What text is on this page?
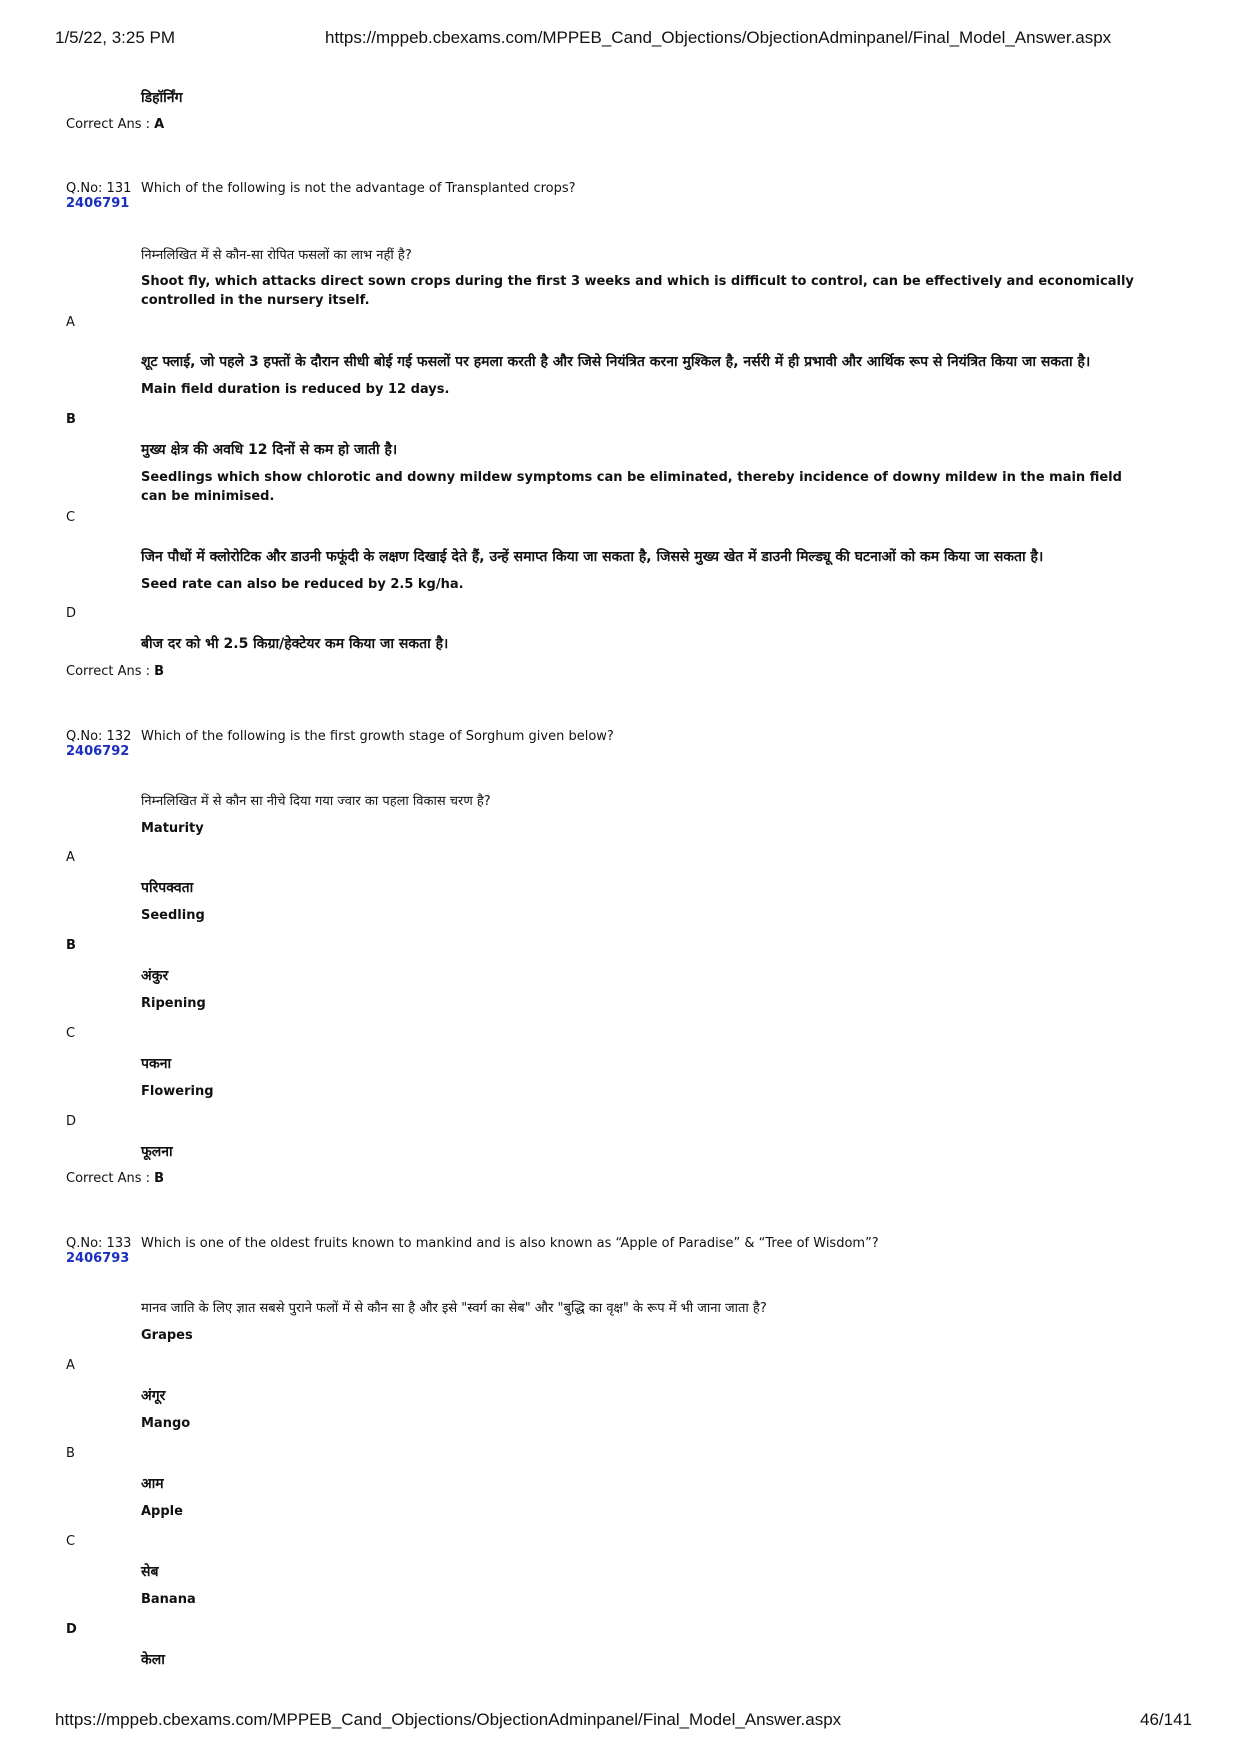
1/5/22, 3:25 PM	https://mppeb.cbexams.com/MPPEB_Cand_Objections/ObjectionAdminpanel/Final_Model_Answer.aspx
डिहॉर्निंग
Correct Ans : A
Q.No: 131
2406791
Which of the following is not the advantage of Transplanted crops?
निम्नलिखित में से कौन-सा रोपित फसलों का लाभ नहीं है?
Shoot fly, which attacks direct sown crops during the first 3 weeks and which is difficult to control, can be effectively and economically controlled in the nursery itself.
A
शूट फ्लाई, जो पहले 3 हफ्तों के दौरान सीधी बोई गई फसलों पर हमला करती है और जिसे नियंत्रित करना मुश्किल है, नर्सरी में ही प्रभावी और आर्थिक रूप से नियंत्रित किया जा सकता है।
Main field duration is reduced by 12 days.
B
मुख्य क्षेत्र की अवधि 12 दिनों से कम हो जाती है।
Seedlings which show chlorotic and downy mildew symptoms can be eliminated, thereby incidence of downy mildew in the main field can be minimised.
C
जिन पौधों में क्लोरोटिक और डाउनी फफूंदी के लक्षण दिखाई देते हैं, उन्हें समाप्त किया जा सकता है, जिससे मुख्य खेत में डाउनी मिल्ड्यू की घटनाओं को कम किया जा सकता है।
Seed rate can also be reduced by 2.5 kg/ha.
D
बीज दर को भी 2.5 किग्रा/हेक्टेयर कम किया जा सकता है।
Correct Ans : B
Q.No: 132
2406792
Which of the following is the first growth stage of Sorghum given below?
निम्नलिखित में से कौन सा नीचे दिया गया ज्वार का पहला विकास चरण है?
Maturity
A
परिपक्वता
Seedling
B
अंकुर
Ripening
C
पकना
Flowering
D
फूलना
Correct Ans : B
Q.No: 133
2406793
Which is one of the oldest fruits known to mankind and is also known as “Apple of Paradise” & “Tree of Wisdom”?
मानव जाति के लिए ज्ञात सबसे पुराने फलों में से कौन सा है और इसे "स्वर्ग का सेब" और "बुद्धि का वृक्ष" के रूप में भी जाना जाता है?
Grapes
A
अंगूर
Mango
B
आम
Apple
C
सेब
Banana
D
केला
https://mppeb.cbexams.com/MPPEB_Cand_Objections/ObjectionAdminpanel/Final_Model_Answer.aspx	46/141
